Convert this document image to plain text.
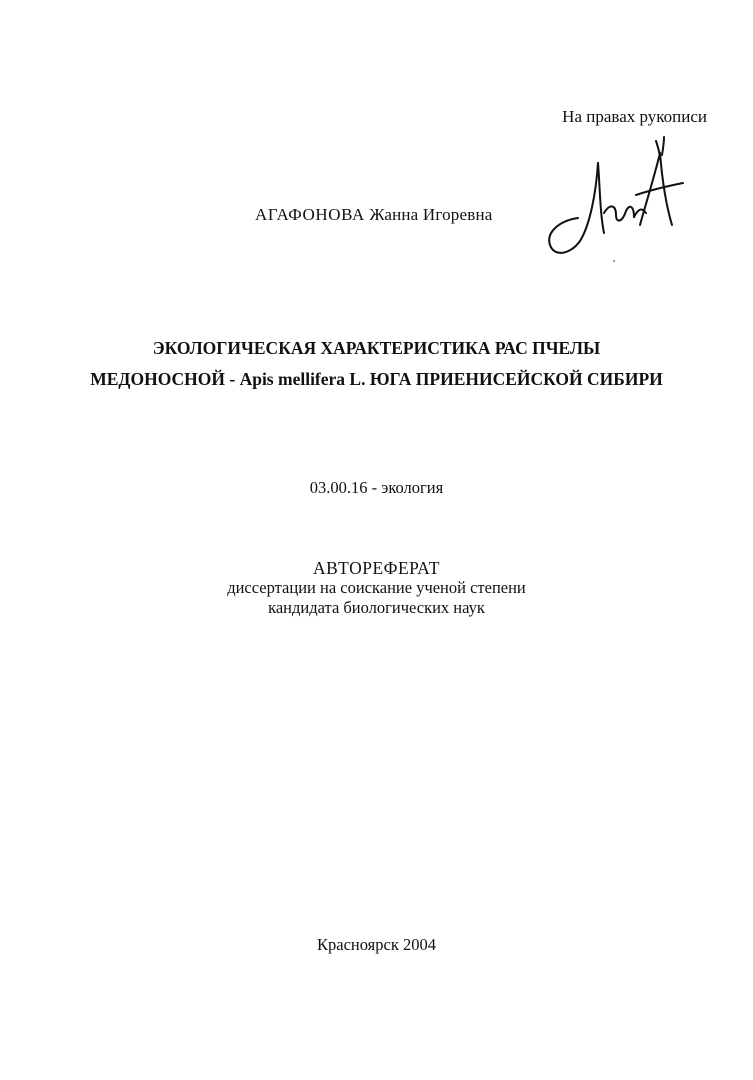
На правах рукописи
АГАФОНОВА Жанна Игоревна
ЭКОЛОГИЧЕСКАЯ ХАРАКТЕРИСТИКА РАС ПЧЕЛЫ
МЕДОНОСНОЙ - Apis mellifera L. ЮГА ПРИЕНИСЕЙСКОЙ СИБИРИ
03.00.16 - экология
АВТОРЕФЕРАТ
диссертации на соискание ученой степени
кандидата биологических наук
Красноярск 2004
